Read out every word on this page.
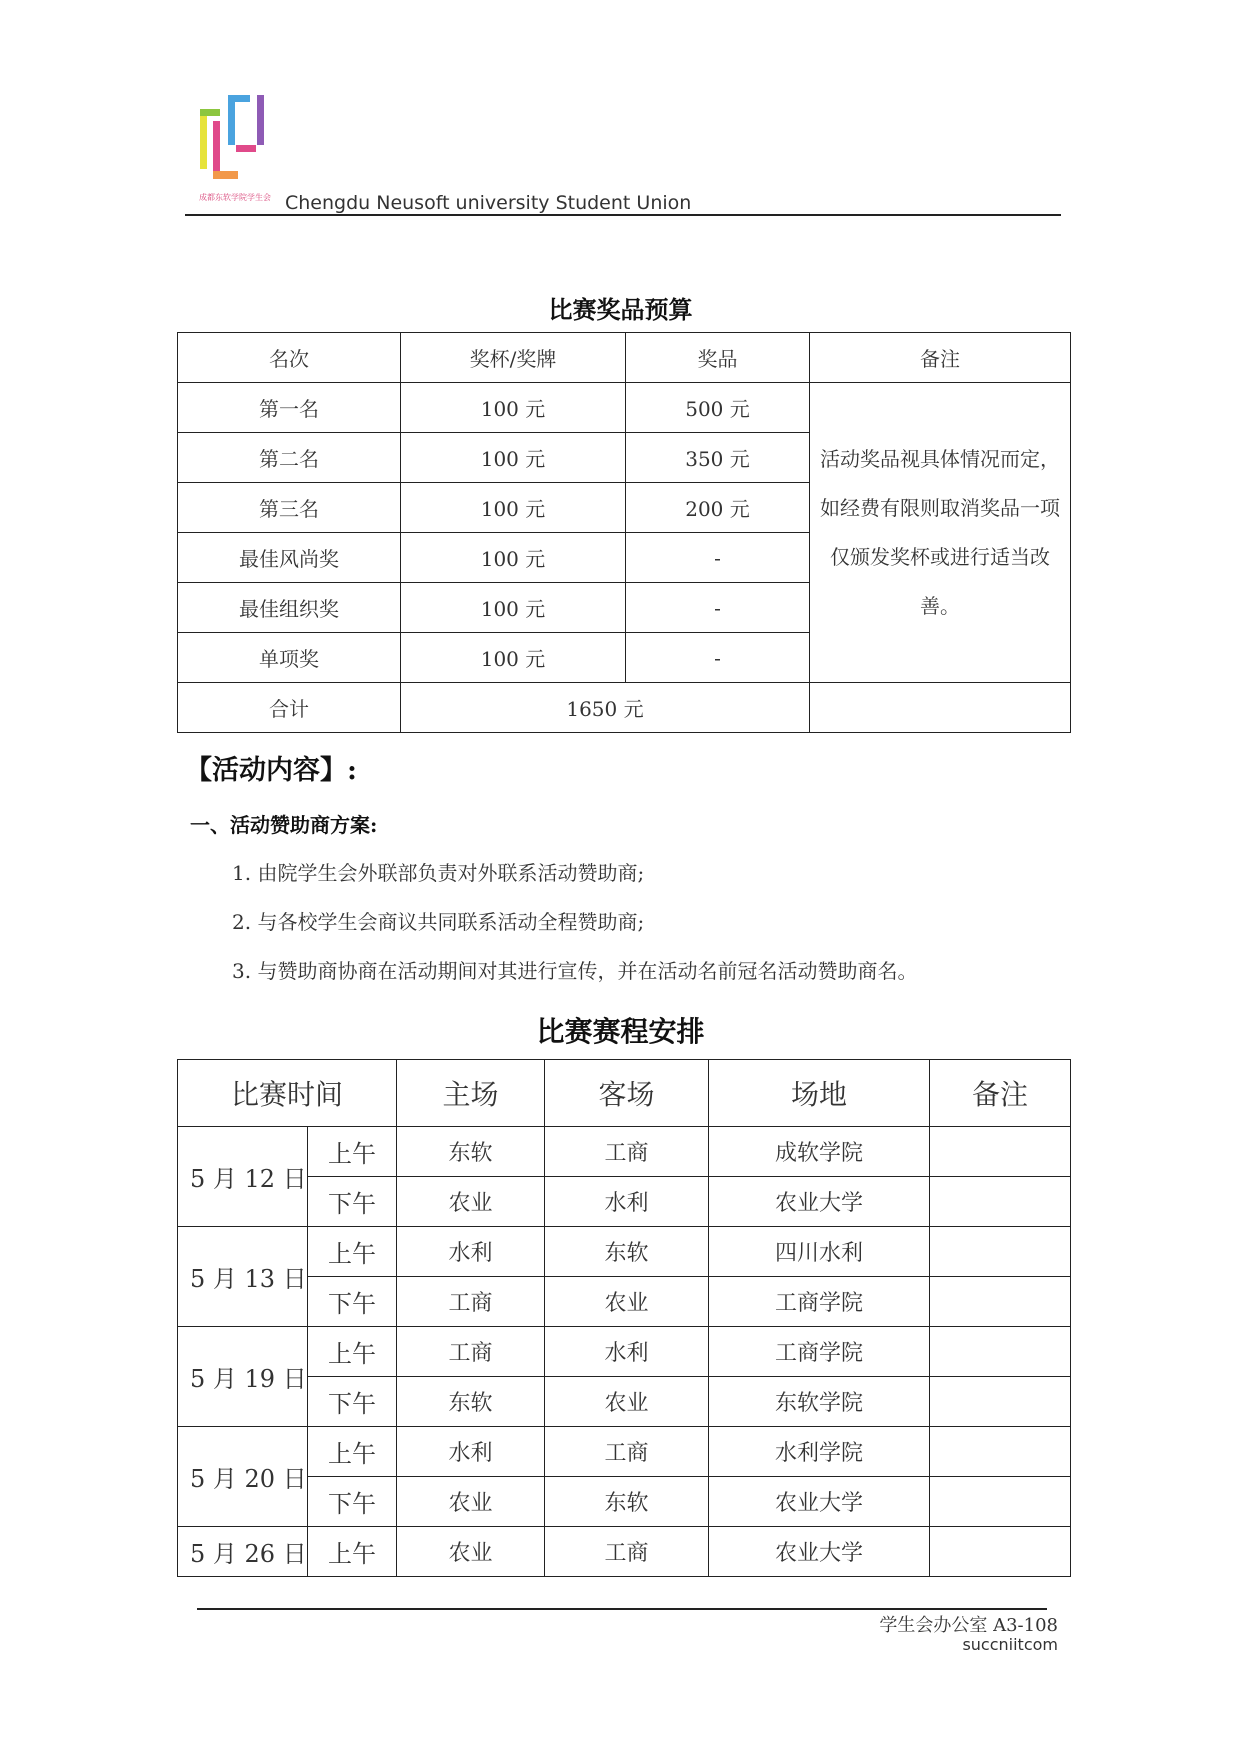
成都东软学院学生会 Chengdu Neusoft university Student Union
比赛奖品预算
名次	奖杯/奖牌	奖品	备注
第一名	100 元	500 元	活动奖品视具体情况而定，如经费有限则取消奖品一项仅颁发奖杯或进行适当改善。
第二名	100 元	350 元	
第三名	100 元	200 元	
最佳风尚奖	100 元	-	
最佳组织奖	100 元	-	
单项奖	100 元	-	
合计	1650 元		
【活动内容】:
一、活动赞助商方案:
1. 由院学生会外联部负责对外联系活动赞助商;
2. 与各校学生会商议共同联系活动全程赞助商;
3. 与赞助商协商在活动期间对其进行宣传，并在活动名前冠名活动赞助商名。
比赛赛程安排
比赛时间		主场	客场	场地	备注
5 月 12 日	上午	东软	工商	成软学院	
	下午	农业	水利	农业大学	
5 月 13 日	上午	水利	东软	四川水利	
	下午	工商	农业	工商学院	
5 月 19 日	上午	工商	水利	工商学院	
	下午	东软	农业	东软学院	
5 月 20 日	上午	水利	工商	水利学院	
	下午	农业	东软	农业大学	
5 月 26 日	上午	农业	工商	农业大学	
学生会办公室 A3-108
succniitcom
